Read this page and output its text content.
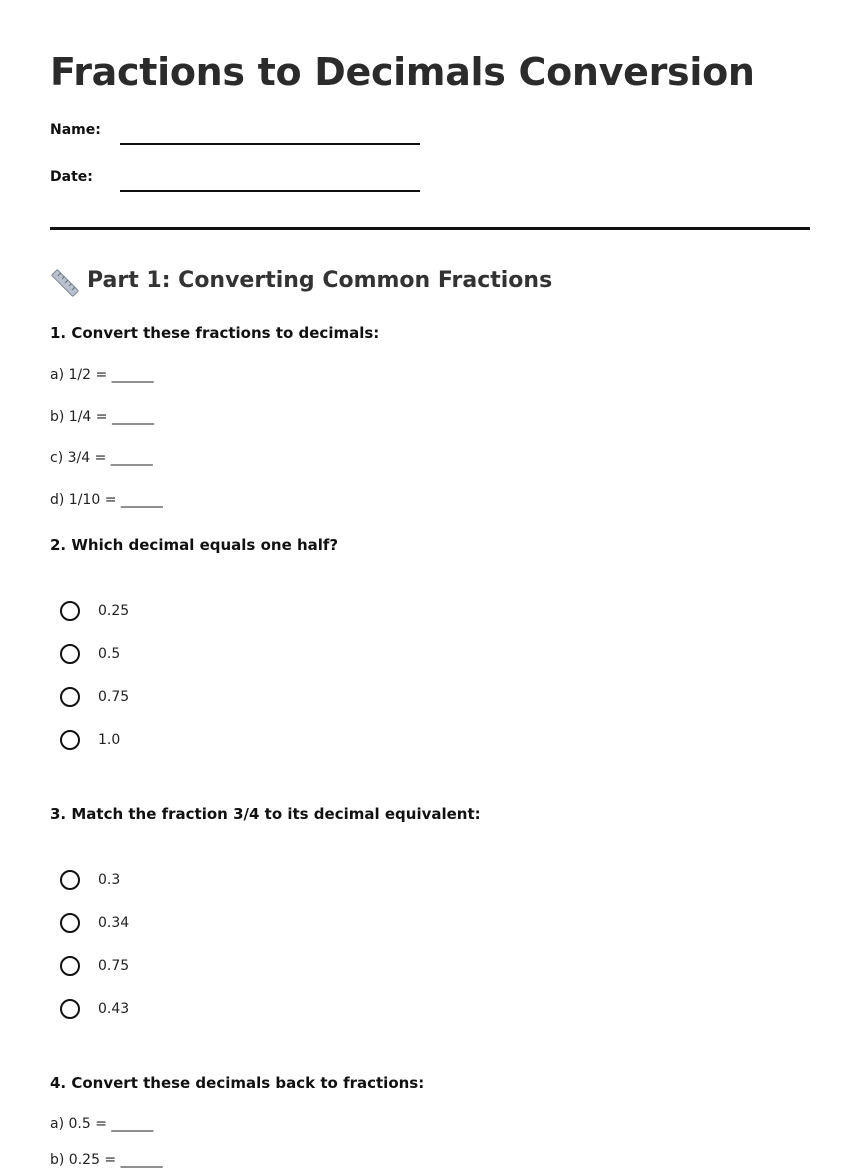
Fractions to Decimals Conversion
Name:
Date:
Part 1: Converting Common Fractions
1. Convert these fractions to decimals:
a) 1/2 = ______
b) 1/4 = ______
c) 3/4 = ______
d) 1/10 = ______
2. Which decimal equals one half?
0.25
0.5
0.75
1.0
3. Match the fraction 3/4 to its decimal equivalent:
0.3
0.34
0.75
0.43
4. Convert these decimals back to fractions:
a) 0.5 = ______
b) 0.25 = ______
